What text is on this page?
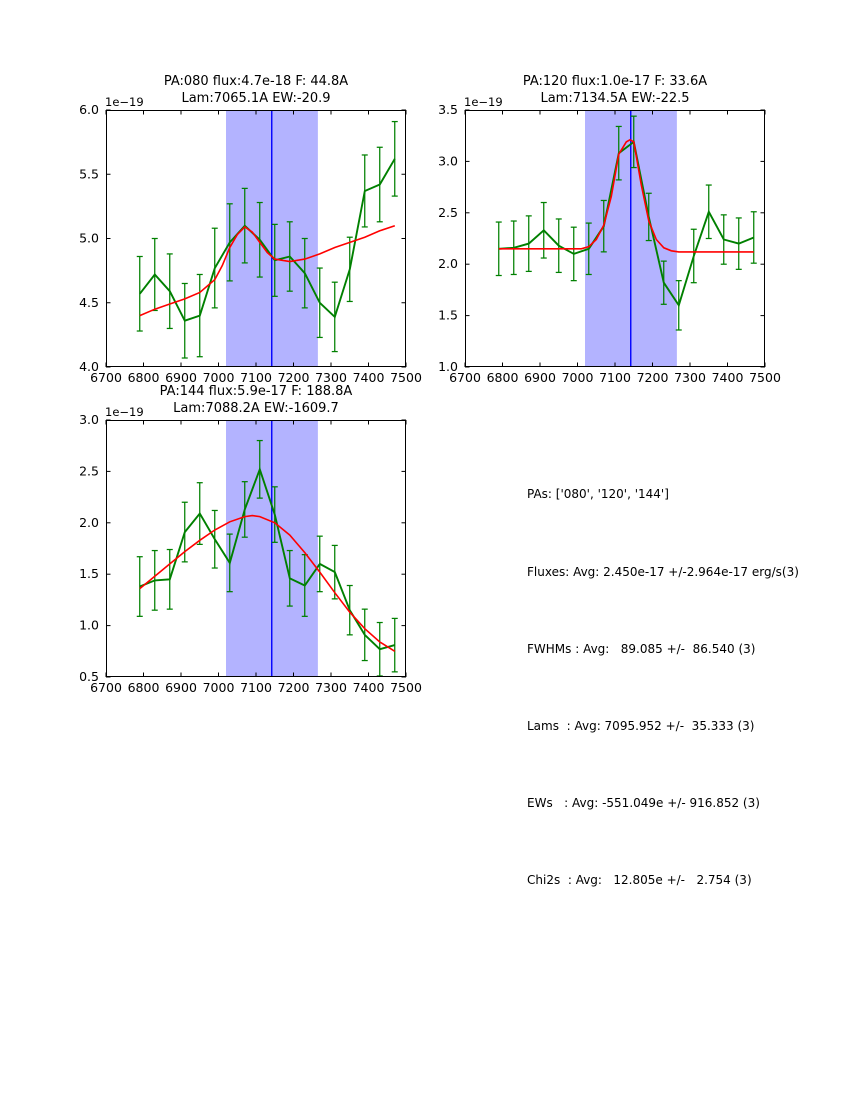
PA:080 flux:4.7e-18 F: 44.8A
Lam:7065.1A EW:-20.9
1e−19
6700 6800 6900 7000 7100 7200 7300 7400 7500
4.0
4.5
5.0
5.5
6.0
PA:120 flux:1.0e-17 F: 33.6A
Lam:7134.5A EW:-22.5
1e−19
6700 6800 6900 7000 7100 7200 7300 7400 7500
1.0
1.5
2.0
2.5
3.0
3.5
PA:144 flux:5.9e-17 F: 188.8A
Lam:7088.2A EW:-1609.7
1e−19
6700 6800 6900 7000 7100 7200 7300 7400 7500
0.5
1.0
1.5
2.0
2.5
3.0

PAs: ['080', '120', '144']

Fluxes: Avg: 2.450e-17 +/-2.964e-17 erg/s(3)

FWHMs : Avg:   89.085 +/-  86.540 (3)

Lams  : Avg: 7095.952 +/-  35.333 (3)

EWs   : Avg: -551.049e +/- 916.852 (3)

Chi2s  : Avg:   12.805e +/-   2.754 (3)
